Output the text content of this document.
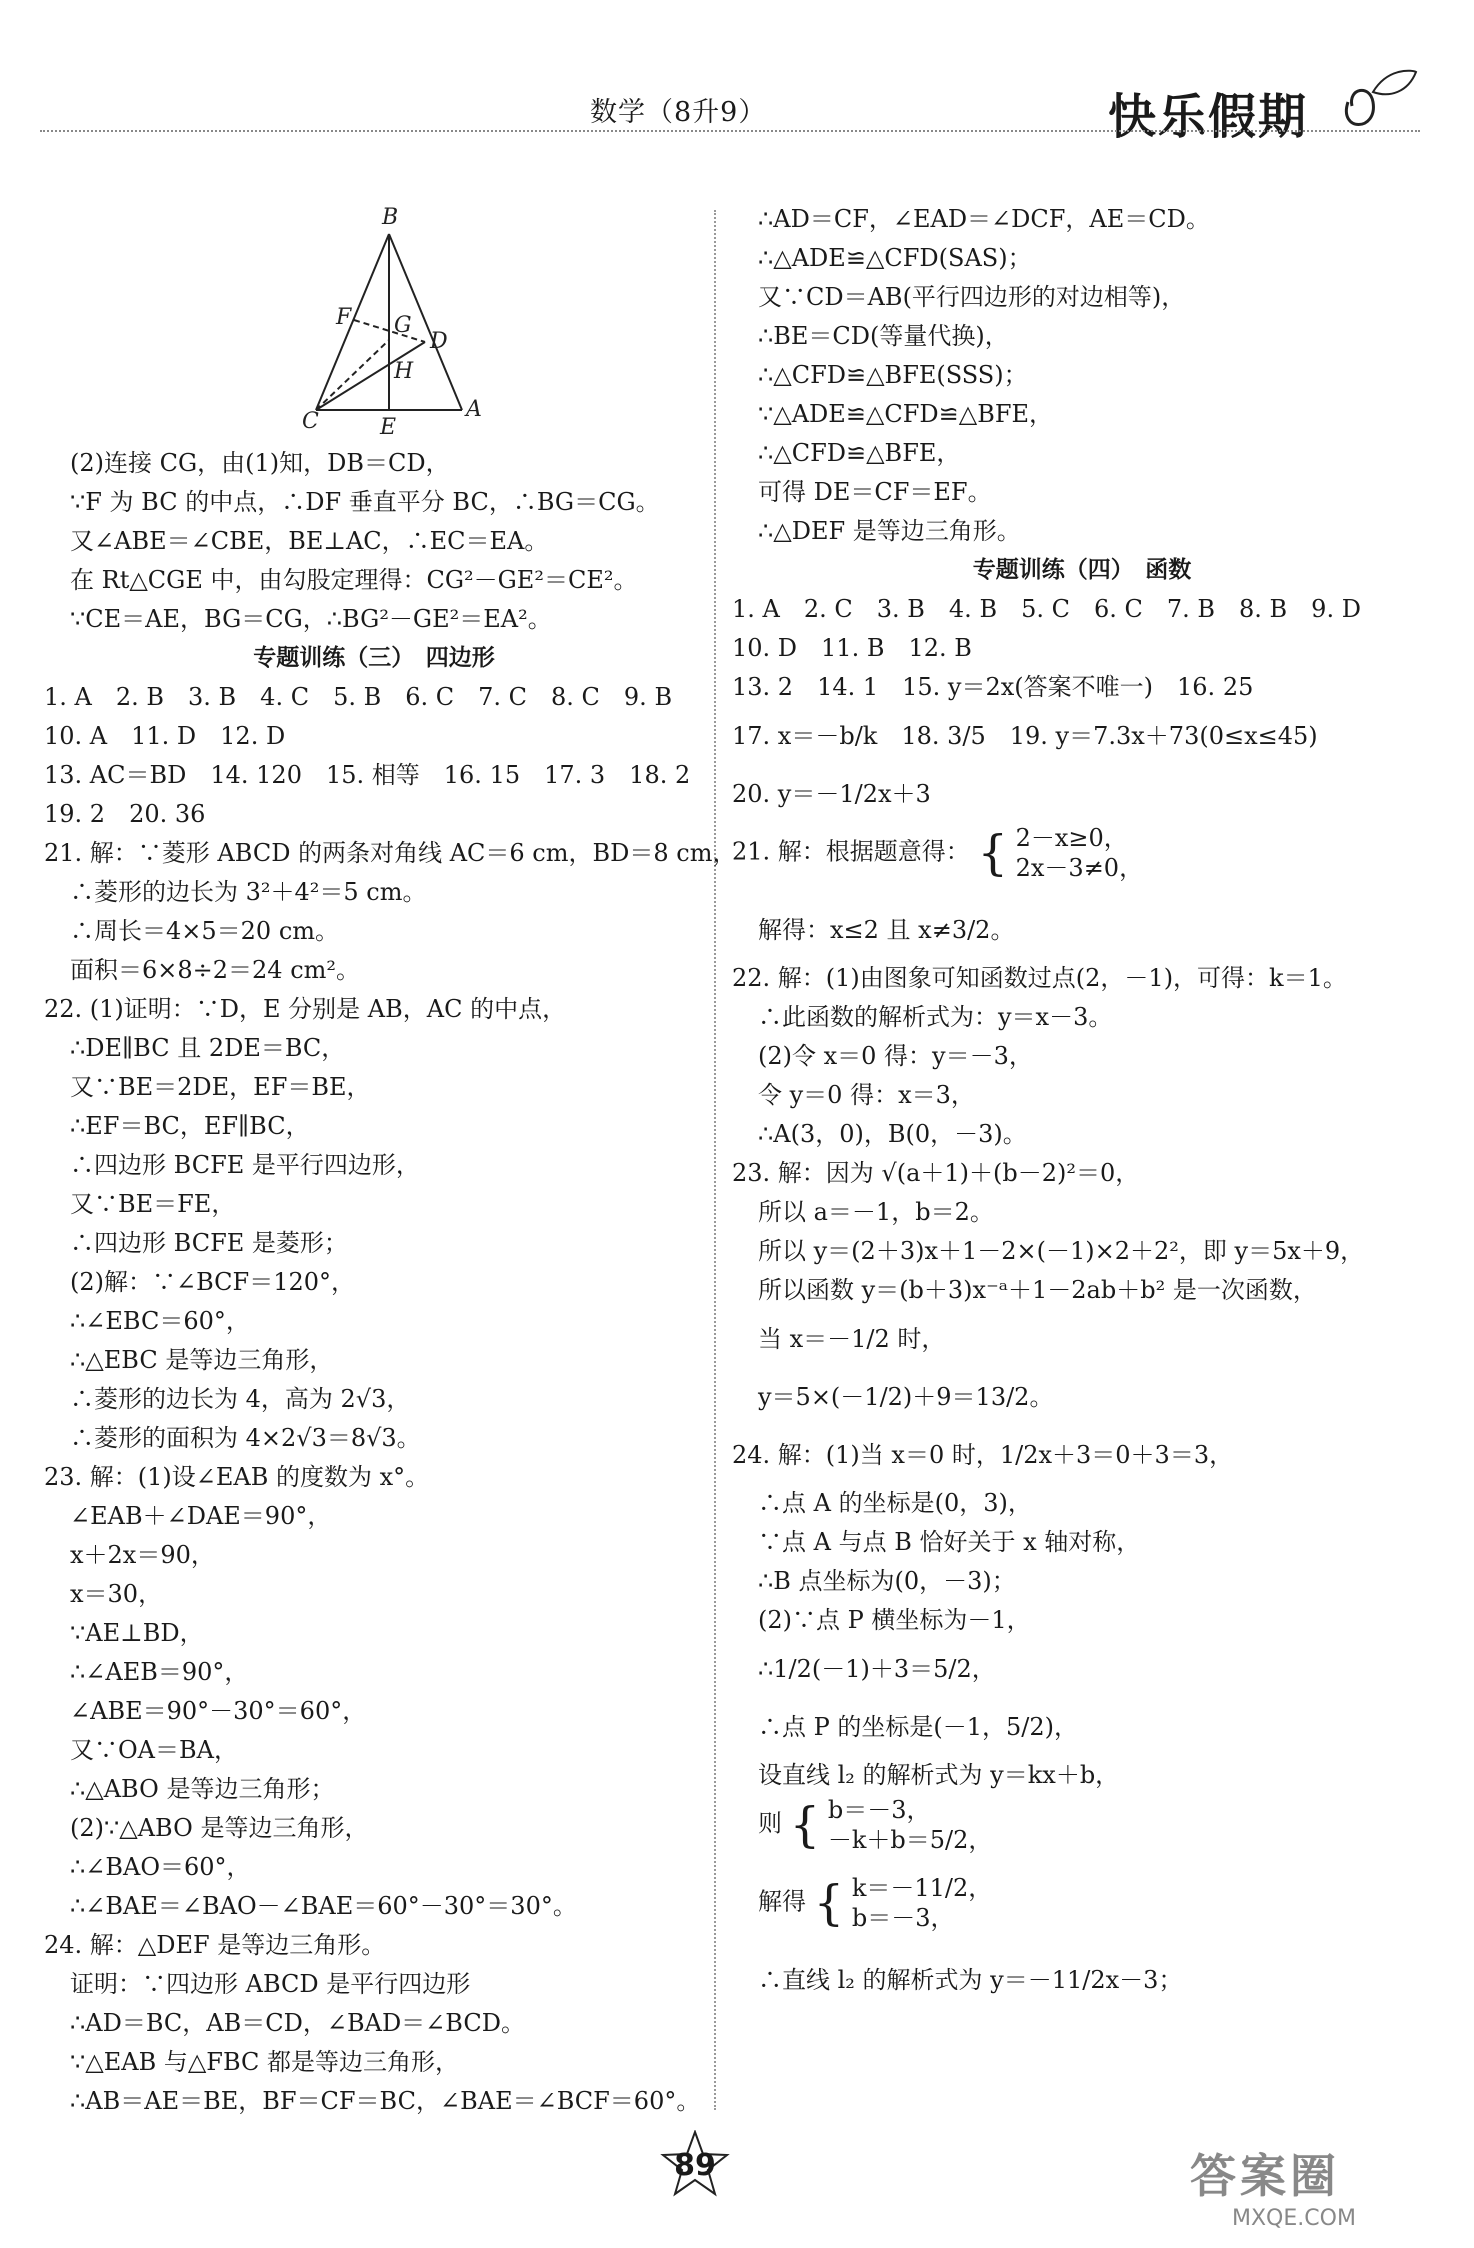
数学（8升9）	快乐假期
B
F G
D
H
C	E
A
(2)连接 CG，由(1)知，DB＝CD，
∵F 为 BC 的中点，∴DF 垂直平分 BC，∴BG＝CG。
又∠ABE＝∠CBE，BE⊥AC，∴EC＝EA。
在 Rt△CGE 中，由勾股定理得：CG²－GE²＝CE²。
∵CE＝AE，BG＝CG，∴BG²－GE²＝EA²。
专题训练（三）　四边形
1. A　2. B　3. B　4. C　5. B　6. C　7. C　8. C　9. B
10. A　11. D　12. D
13. AC＝BD　14. 120　15. 相等　16. 15　17. 3　18. 2
19. 2　20. 36
21. 解：∵菱形 ABCD 的两条对角线 AC＝6 cm，BD＝8 cm，
∴菱形的边长为 3²＋4²＝5 cm。
∴周长＝4×5＝20 cm。
面积＝6×8÷2＝24 cm²。
22. (1)证明：∵D，E 分别是 AB，AC 的中点，
∴DE∥BC 且 2DE＝BC，
又∵BE＝2DE，EF＝BE，
∴EF＝BC，EF∥BC，
∴四边形 BCFE 是平行四边形，
又∵BE＝FE，
∴四边形 BCFE 是菱形；
(2)解：∵∠BCF＝120°，
∴∠EBC＝60°，
∴△EBC 是等边三角形，
∴菱形的边长为 4，高为 2√3，
∴菱形的面积为 4×2√3＝8√3。
23. 解：(1)设∠EAB 的度数为 x°。
∠EAB＋∠DAE＝90°，
x＋2x＝90，
x＝30，
∵AE⊥BD，
∴∠AEB＝90°，
∠ABE＝90°－30°＝60°，
又∵OA＝BA，
∴△ABO 是等边三角形；
(2)∵△ABO 是等边三角形，
∴∠BAO＝60°，
∴∠BAE＝∠BAO－∠BAE＝60°－30°＝30°。
24. 解：△DEF 是等边三角形。
证明：∵四边形 ABCD 是平行四边形
∴AD＝BC，AB＝CD，∠BAD＝∠BCD。
∵△EAB 与△FBC 都是等边三角形，
∴AB＝AE＝BE，BF＝CF＝BC，∠BAE＝∠BCF＝60°。
∴AD＝CF，∠EAD＝∠DCF，AE＝CD。
∴△ADE≌△CFD(SAS)；
又∵CD＝AB(平行四边形的对边相等)，
∴BE＝CD(等量代换)，
∴△CFD≌△BFE(SSS)；
∵△ADE≌△CFD≌△BFE，
∴△CFD≌△BFE，
可得 DE＝CF＝EF。
∴△DEF 是等边三角形。
专题训练（四）　函数
1. A　2. C　3. B　4. B　5. C　6. C　7. B　8. B　9. D
10. D　11. B　12. B
13. 2　14. 1　15. y＝2x(答案不唯一)　16. 25
17. x＝－b/k　18. 3/5　19. y＝7.3x＋73(0≤x≤45)
20. y＝－1/2x＋3
21. 解：根据题意得： { 2－x≥0，
2x－3≠0，
解得：x≤2 且 x≠3/2。
22. 解：(1)由图象可知函数过点(2，－1)，可得：k＝1。
∴此函数的解析式为：y＝x－3。
(2)令 x＝0 得：y＝－3，
令 y＝0 得：x＝3，
∴A(3，0)，B(0，－3)。
23. 解：因为 √(a＋1)＋(b－2)²＝0，
所以 a＝－1，b＝2。
所以 y＝(2＋3)x＋1－2×(－1)×2＋2²，即 y＝5x＋9，
所以函数 y＝(b＋3)x⁻ᵃ＋1－2ab＋b² 是一次函数，
当 x＝－1/2 时，
y＝5×(－1/2)＋9＝13/2。
24. 解：(1)当 x＝0 时，1/2x＋3＝0＋3＝3，
∴点 A 的坐标是(0，3)，
∵点 A 与点 B 恰好关于 x 轴对称，
∴B 点坐标为(0，－3)；
(2)∵点 P 横坐标为－1，
∴1/2(－1)＋3＝5/2，
∴点 P 的坐标是(－1，5/2)，
设直线 l₂ 的解析式为 y＝kx＋b，
则 { b＝－3，
－k＋b＝5/2，
解得 { k＝－11/2，
b＝－3，
∴直线 l₂ 的解析式为 y＝－11/2x－3；
89	答案圈
MXQE.COM
